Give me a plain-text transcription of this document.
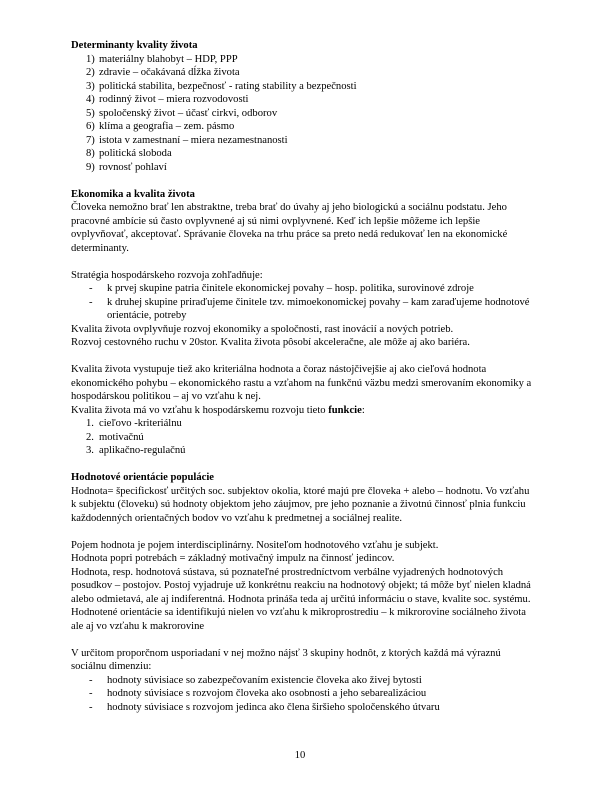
Determinanty kvality života
1) materiálny blahobyt – HDP, PPP
2) zdravie – očakávaná dĺžka života
3) politická stabilita, bezpečnosť - rating stability a bezpečnosti
4) rodinný život – miera rozvodovosti
5) spoločenský život – účasť cirkvi, odborov
6) klíma a geografia – zem. pásmo
7) istota v zamestnaní – miera nezamestnanosti
8) politická sloboda
9) rovnosť pohlaví
Ekonomika a kvalita života

Človeka nemožno brať len abstraktne, treba brať do úvahy aj jeho biologickú a sociálnu podstatu. Jeho pracovné ambície sú často ovplyvnené aj sú nimi ovplyvnené. Keď ich lepšie môžeme ich lepšie ovplyvňovať, akceptovať. Správanie človeka na trhu práce sa preto nedá redukovať len na ekonomické determinanty.

Stratégia hospodárskeho rozvoja zohľadňuje:

- k prvej skupine patria činitele ekonomickej povahy – hosp. politika, surovinové zdroje
- k druhej skupine priraďujeme činitele tzv. mimoekonomickej povahy – kam zaraďujeme hodnotové orientácie, potreby

Kvalita života ovplyvňuje rozvoj ekonomiky a spoločnosti, rast inovácií a nových potrieb.

Rozvoj cestovného ruchu v 20stor. Kvalita života pôsobí akceleračne, ale môže aj ako bariéra.

Kvalita života vystupuje tiež ako kriteriálna hodnota a čoraz nástojčivejšie aj ako cieľová hodnota ekonomického pohybu – ekonomického rastu a vzťahom na funkčnú väzbu medzi smerovaním ekonomiky a hospodárskou politikou – aj vo vzťahu k nej.

Kvalita života má vo vzťahu k hospodárskemu rozvoju tieto funkcie:

1. cieľovo -kriteriálnu
2. motivačnú
3. aplikačno-regulačnú
Hodnotové orientácie populácie

Hodnota= špecifickosť určitých soc. subjektov okolia, ktoré majú pre človeka + alebo – hodnotu. Vo vzťahu k subjektu (človeku) sú hodnoty objektom jeho záujmov, pre jeho poznanie a životnú činnosť plnia funkciu každodenných orientačných bodov vo vzťahu k predmetnej a sociálnej realite.

Pojem hodnota je pojem interdisciplinárny. Nositeľom hodnotového vzťahu je subjekt.

Hodnota popri potrebách = základný motivačný impulz na činnosť jedincov.

Hodnota, resp. hodnotová sústava, sú poznateľné prostredníctvom verbálne vyjadrených hodnotových posudkov – postojov. Postoj vyjadruje už konkrétnu reakciu na hodnotový objekt; tá môže byť nielen kladná alebo odmietavá, ale aj indiferentná. Hodnota prináša teda aj určitú informáciu o stave, kvalite soc. systému.

Hodnotené orientácie sa identifikujú nielen vo vzťahu k mikroprostrediu – k mikrorovine sociálneho života ale aj vo vzťahu k makrorovine

V určitom proporčnom usporiadaní v nej možno nájsť 3 skupiny hodnôt, z ktorých každá má výraznú sociálnu dimenziu:

- hodnoty súvisiace so zabezpečovaním existencie človeka ako živej bytosti
- hodnoty súvisiace s rozvojom človeka ako osobnosti a jeho sebarealizáciou
- hodnoty súvisiace s rozvojom jedinca ako člena širšieho spoločenského útvaru
10
